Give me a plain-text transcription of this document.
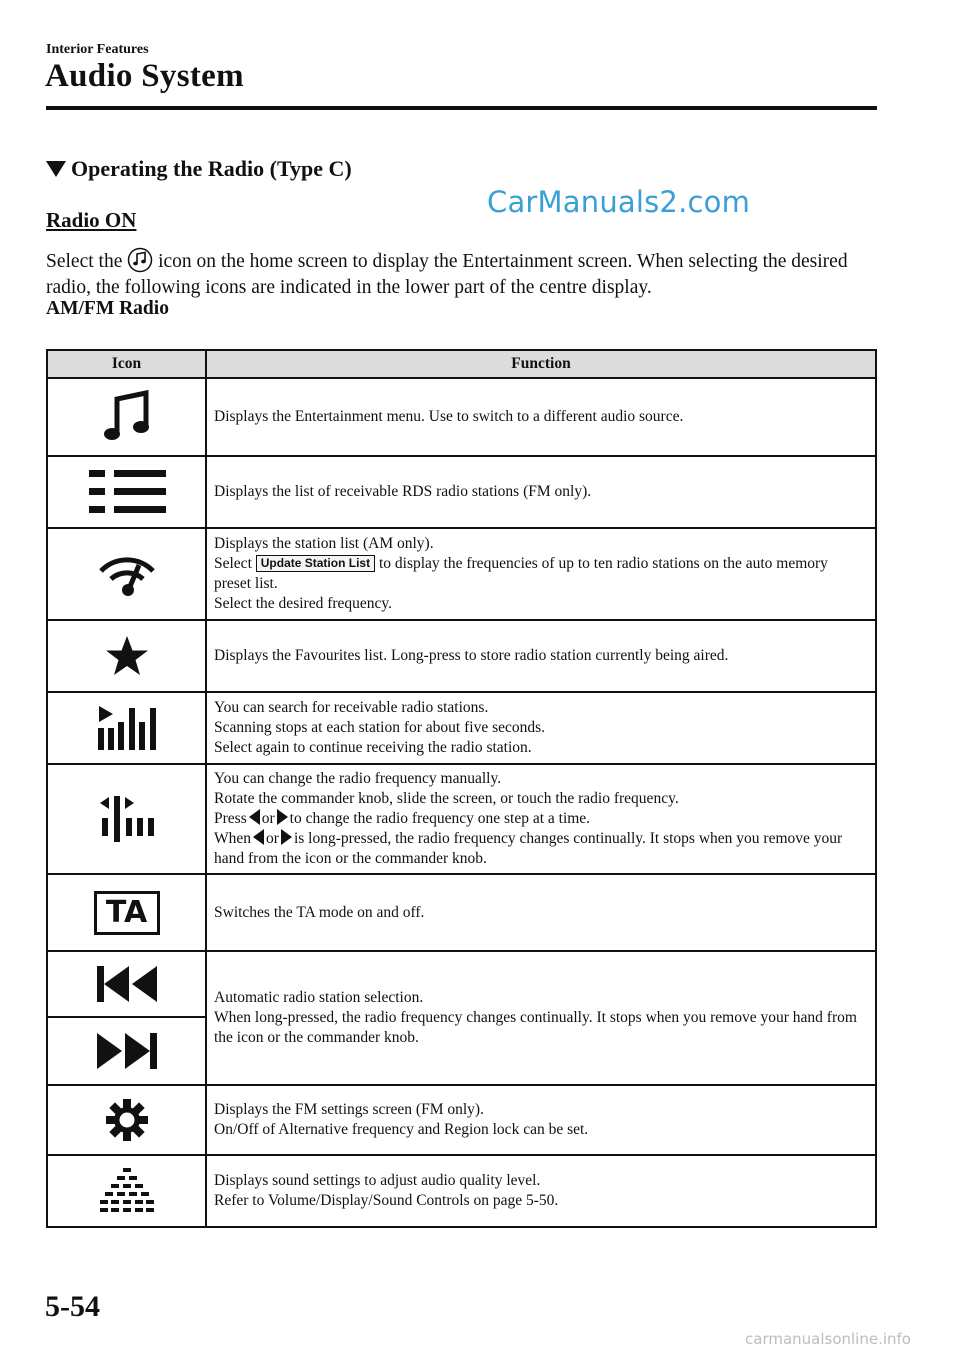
Interior Features
Audio System
Operating the Radio (Type C)
CarManuals2.com
Radio ON
Select the  icon on the home screen to display the Entertainment screen. When selecting the desired radio, the following icons are indicated in the lower part of the centre display.
AM/FM Radio
Icon	Function

	Displays the Entertainment menu. Use to switch to a different audio source.

	Displays the list of receivable RDS radio stations (FM only).

Displays the station list (AM only).
Select Update Station List to display the frequencies of up to ten radio stations on the auto memory preset list.
Select the desired frequency.

	Displays the Favourites list. Long-press to store radio station currently being aired.

You can search for receivable radio stations.
Scanning stops at each station for about five seconds.
Select again to continue receiving the radio station.

You can change the radio frequency manually.
Rotate the commander knob, slide the screen, or touch the radio frequency.
Press or to change the radio frequency one step at a time.
When or is long-pressed, the radio frequency changes continually. It stops when you remove your hand from the icon or the commander knob.

TA	Switches the TA mode on and off.

Automatic radio station selection.
When long-pressed, the radio frequency changes continually. It stops when you remove your hand from the icon or the commander knob.

Displays the FM settings screen (FM only).
On/Off of Alternative frequency and Region lock can be set.

Displays sound settings to adjust audio quality level.
Refer to Volume/Display/Sound Controls on page 5-50.
5-54
carmanualsonline.info
